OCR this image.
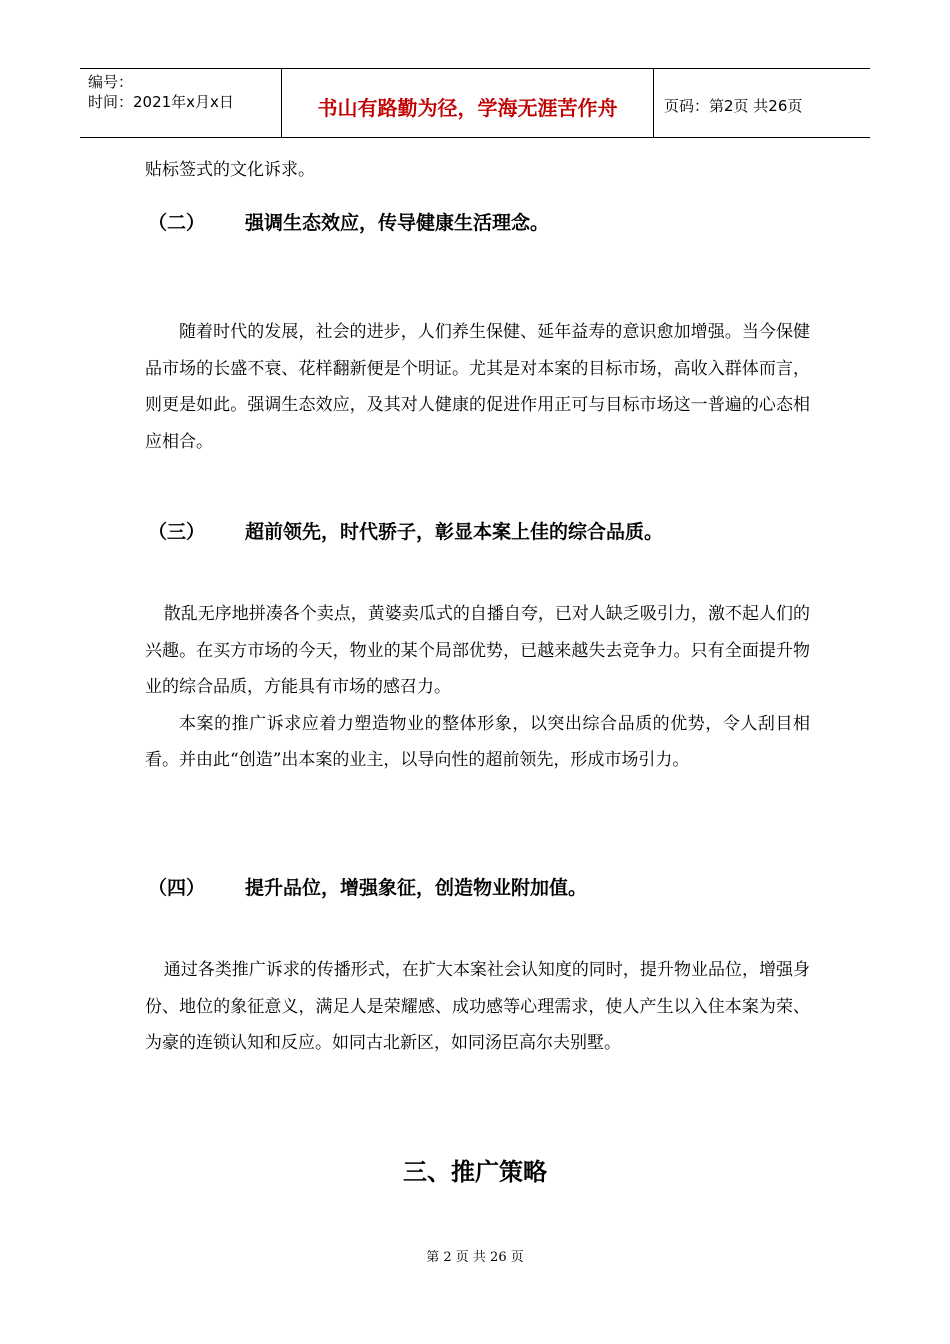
编号：
时间：2021年x月x日	书山有路勤为径，学海无涯苦作舟	页码：第2页 共26页

贴标签式的文化诉求。

（二）	强调生态效应，传导健康生活理念。

随着时代的发展，社会的进步，人们养生保健、延年益寿的意识愈加增强。当今保健品市场的长盛不衰、花样翻新便是个明证。尤其是对本案的目标市场，高收入群体而言，则更是如此。强调生态效应，及其对人健康的促进作用正可与目标市场这一普遍的心态相应相合。

（三）	超前领先，时代骄子，彰显本案上佳的综合品质。

散乱无序地拼凑各个卖点，黄婆卖瓜式的自播自夸，已对人缺乏吸引力，激不起人们的兴趣。在买方市场的今天，物业的某个局部优势，已越来越失去竞争力。只有全面提升物业的综合品质，方能具有市场的感召力。

本案的推广诉求应着力塑造物业的整体形象，以突出综合品质的优势，令人刮目相看。并由此“创造”出本案的业主，以导向性的超前领先，形成市场引力。

（四）	提升品位，增强象征，创造物业附加值。

通过各类推广诉求的传播形式，在扩大本案社会认知度的同时，提升物业品位，增强身份、地位的象征意义，满足人是荣耀感、成功感等心理需求，使人产生以入住本案为荣、为豪的连锁认知和反应。如同古北新区，如同汤臣高尔夫别墅。

三、推广策略
第 2 页 共 26 页
